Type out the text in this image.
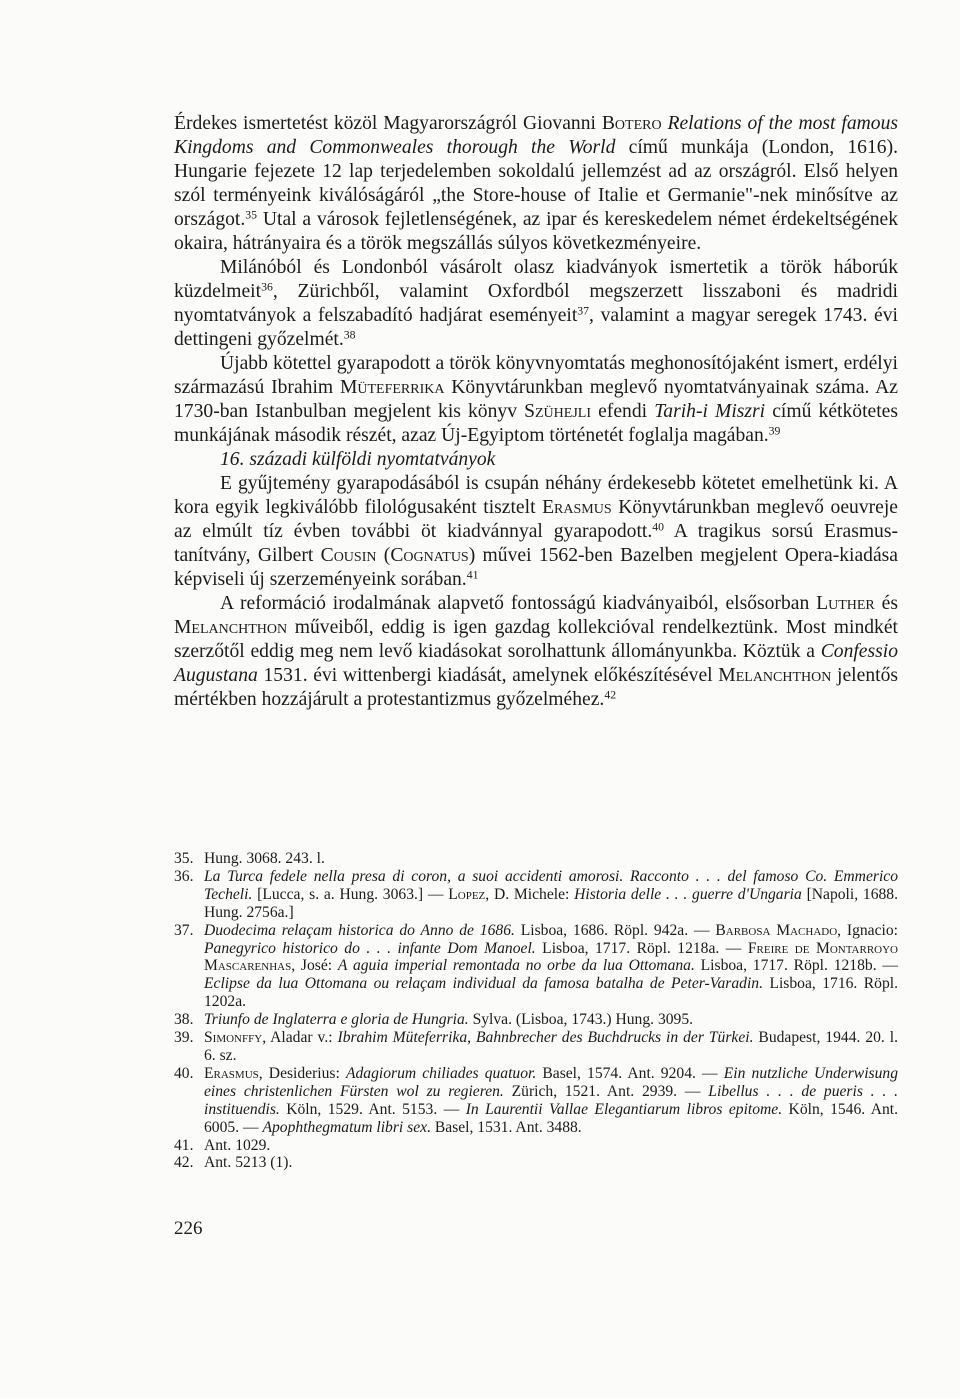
Érdekes ismertetést közöl Magyarországról Giovanni Botero Relations of the most famous Kingdoms and Commonweales thorough the World című munkája (London, 1616). Hungarie fejezete 12 lap terjedelemben sokoldalú jellemzést ad az országról. Első helyen szól terményeink kiválóságáról „the Store-house of Italie et Germanie"-nek minősítve az országot.$^{35}$ Utal a városok fejletlenségének, az ipar és kereskedelem német érdekeltségének okaira, hátrányaira és a török megszállás súlyos következményeire.

Milánóból és Londonból vásárolt olasz kiadványok ismertetik a török háborúk küzdelmeit$^{36}$, Zürichből, valamint Oxfordból megszerzett lisszaboni és madridi nyomtatványok a felszabadító hadjárat eseményeit$^{37}$, valamint a magyar seregek 1743. évi dettingeni győzelmét.$^{38}$

Újabb kötettel gyarapodott a török könyvnyomtatás meghonosítójaként ismert, erdélyi származású Ibrahim Müteferrika Könyvtárunkban meglevő nyomtatványainak száma. Az 1730-ban Istanbulban megjelent kis könyv Szühejli efendi Tarih-i Miszri című kétkötetes munkájának második részét, azaz Új-Egyiptom történetét foglalja magában.$^{39}$

16. századi külföldi nyomtatványok

E gyűjtemény gyarapodásából is csupán néhány érdekesebb kötetet emelhetünk ki. A kora egyik legkiválóbb filológusaként tisztelt Erasmus Könyvtárunkban meglevő oeuvreje az elmúlt tíz évben további öt kiadvánnyal gyarapodott.$^{40}$ A tragikus sorsú Erasmus-tanítvány, Gilbert Cousin (Cognatus) művei 1562-ben Bazelben megjelent Opera-kiadása képviseli új szerzeményeink sorában.$^{41}$

A reformáció irodalmának alapvető fontosságú kiadványaiból, elsősorban Luther és Melanchthon műveiből, eddig is igen gazdag kollekcióval rendelkeztünk. Most mindkét szerzőtől eddig meg nem levő kiadásokat sorolhattunk állományunkba. Köztük a Confessio Augustana 1531. évi wittenbergi kiadását, amelynek előkészítésével Melanchthon jelentős mértékben hozzájárult a protestantizmus győzelméhez.$^{42}$

35. Hung. 3068. 243. l.
36. La Turca fedele nella presa di coron, a suoi accidenti amorosi. Racconto . . . del famoso Co. Emmerico Techeli. [Lucca, s. a. Hung. 3063.] — Lopez, D. Michele: Historia delle . . . guerre d'Ungaria [Napoli, 1688. Hung. 2756a.]
37. Duodecima relaçam historica do Anno de 1686. Lisboa, 1686. Röpl. 942a. — Barbosa Machado, Ignacio: Panegyrico historico do . . . infante Dom Manoel. Lisboa, 1717. Röpl. 1218a. — Freire de Montarroyo Mascarenhas, José: A aguia imperial remontada no orbe da lua Ottomana. Lisboa, 1717. Röpl. 1218b. — Eclipse da lua Ottomana ou relaçam individual da famosa batalha de Peter-Varadin. Lisboa, 1716. Röpl. 1202a.
38. Triunfo de Inglaterra e gloria de Hungria. Sylva. (Lisboa, 1743.) Hung. 3095.
39. Simonffy, Aladar v.: Ibrahim Müteferrika, Bahnbrecher des Buchdrucks in der Türkei. Budapest, 1944. 20. l. 6. sz.
40. Erasmus, Desiderius: Adagiorum chiliades quatuor. Basel, 1574. Ant. 9204. — Ein nutzliche Underwisung eines christenlichen Fürsten wol zu regieren. Zürich, 1521. Ant. 2939. — Libellus . . . de pueris . . . instituendis. Köln, 1529. Ant. 5153. — In Laurentii Vallae Elegantiarum libros epitome. Köln, 1546. Ant. 6005. — Apophthegmatum libri sex. Basel, 1531. Ant. 3488.
41. Ant. 1029.
42. Ant. 5213 (1).
226
